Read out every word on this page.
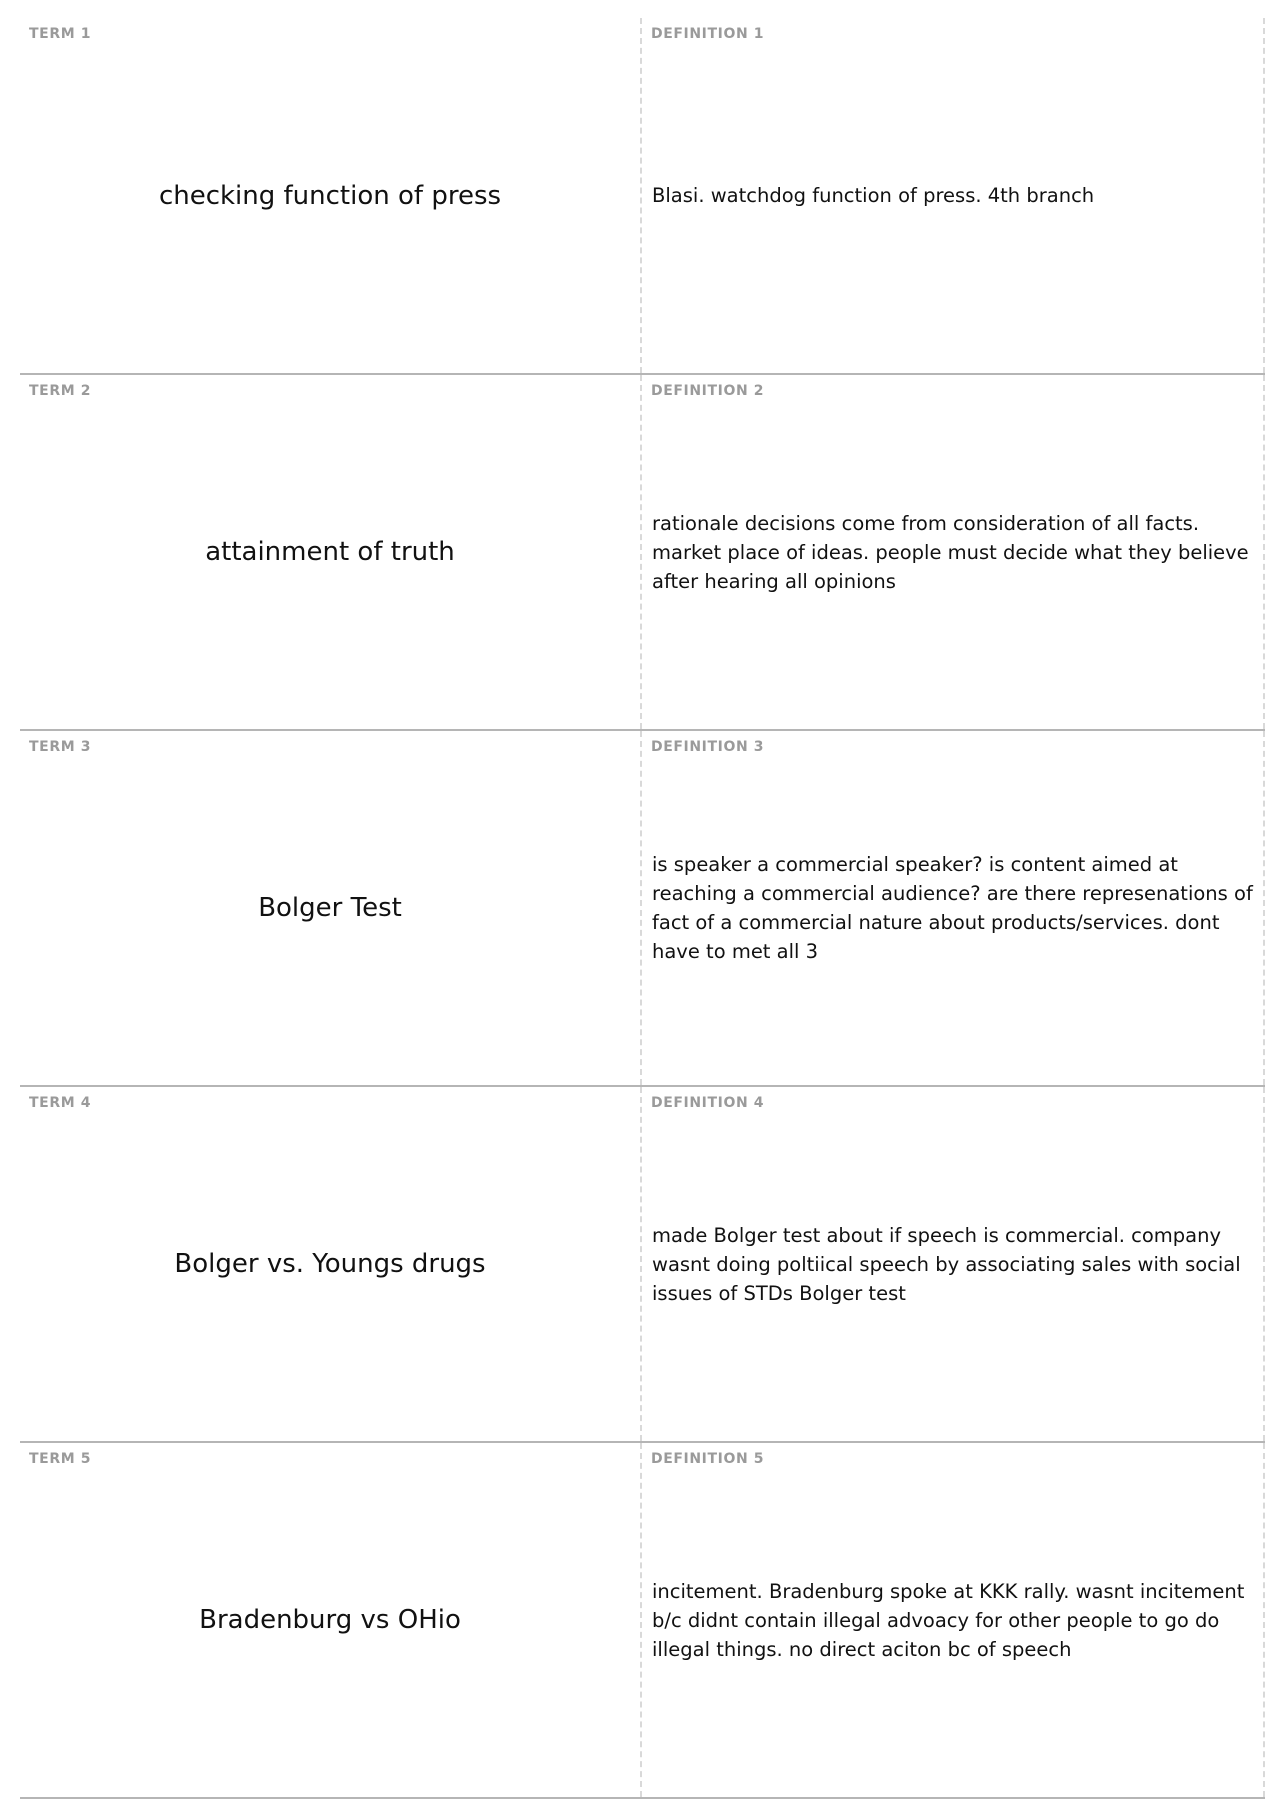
TERM 1
checking function of press
DEFINITION 1
Blasi. watchdog function of press. 4th branch
TERM 2
attainment of truth
DEFINITION 2
rationale decisions come from consideration of all facts. market place of ideas. people must decide what they believe after hearing all opinions
TERM 3
Bolger Test
DEFINITION 3
is speaker a commercial speaker? is content aimed at reaching a commercial audience? are there represenations of fact of a commercial nature about products/services. dont have to met all 3
TERM 4
Bolger vs. Youngs drugs
DEFINITION 4
made Bolger test about if speech is commercial. company wasnt doing poltiical speech by associating sales with social issues of STDs Bolger test
TERM 5
Bradenburg vs OHio
DEFINITION 5
incitement. Bradenburg spoke at KKK rally. wasnt incitement b/c didnt contain illegal advoacy for other people to go do illegal things. no direct aciton bc of speech
